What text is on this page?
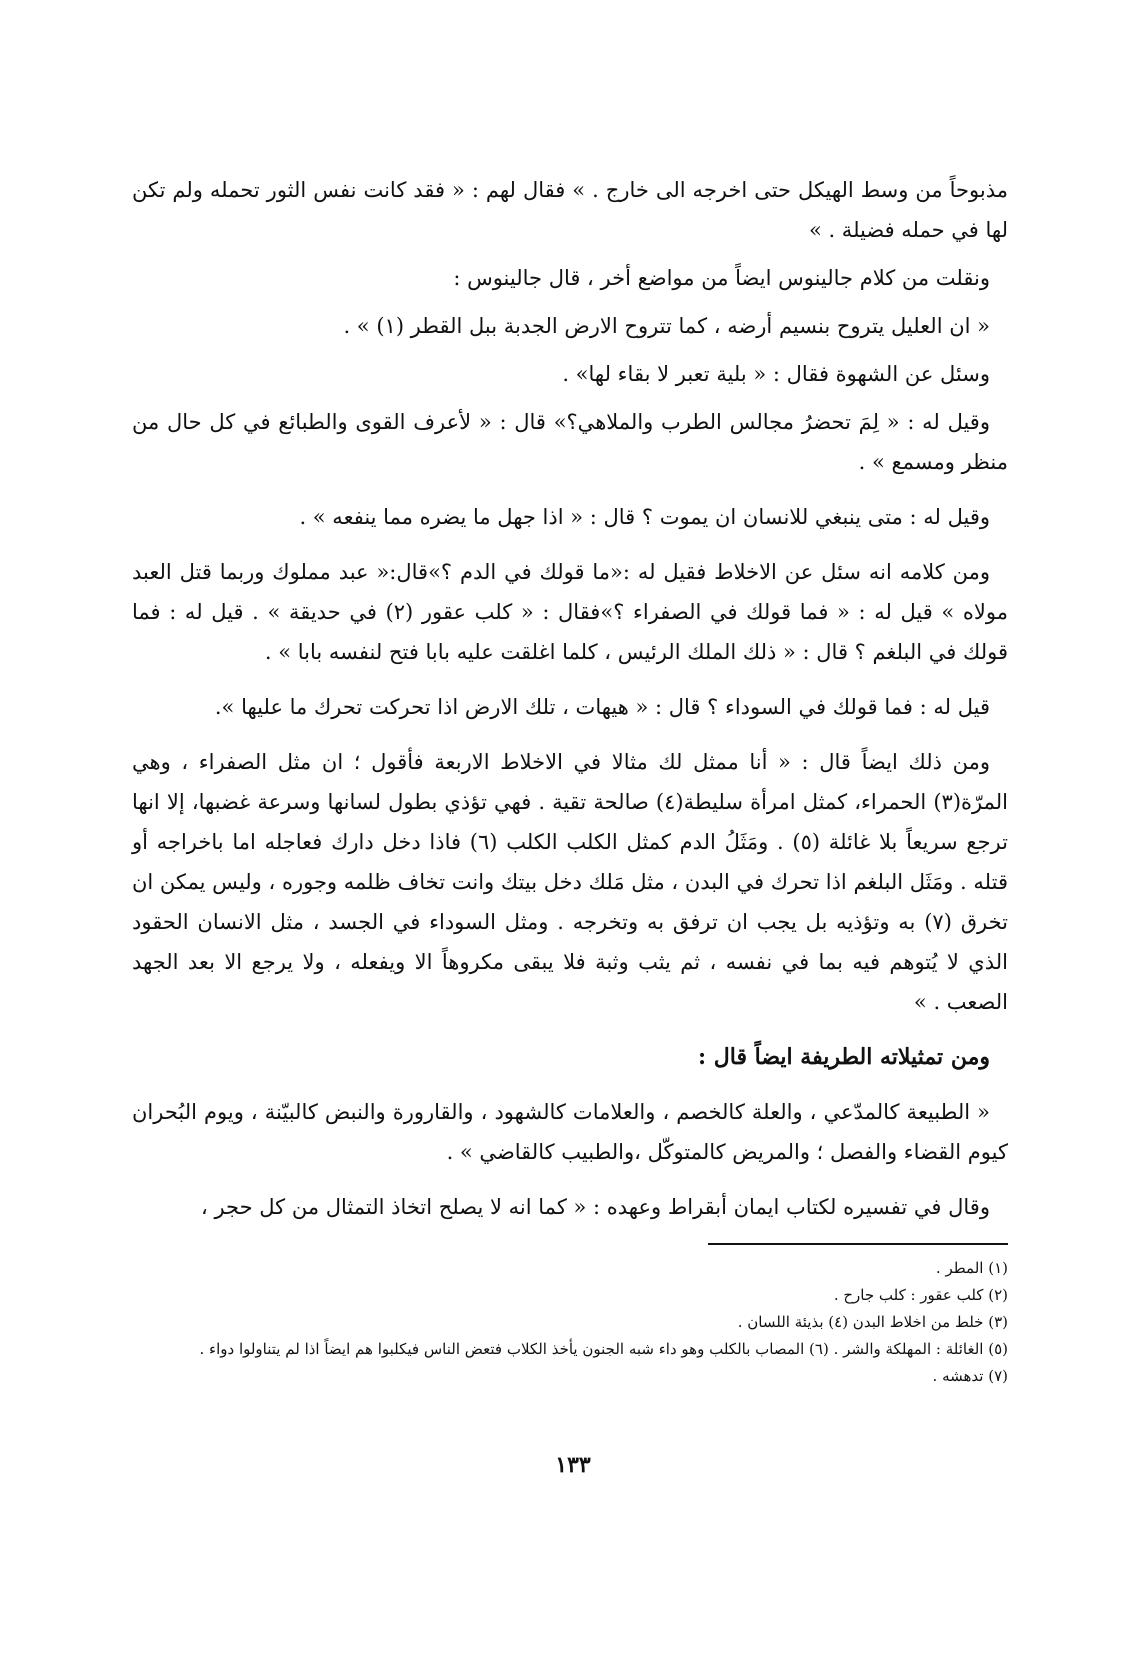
مذبوحاً من وسط الهيكل حتى اخرجه الى خارج . » فقال لهم : « فقد كانت نفس الثور تحمله ولم تكن لها في حمله فضيلة . »

ونقلت من كلام جالينوس ايضاً من مواضع أخر ، قال جالينوس :

« ان العليل يتروح بنسيم أرضه ، كما تتروح الارض الجدبة ببل القطر (١) » .

وسئل عن الشهوة فقال : « بلية تعبر لا بقاء لها» .

وقيل له : « لِمَ تحضرُ مجالس الطرب والملاهي؟» قال : « لأعرف القوى والطبائع في كل حال من منظر ومسمع » .

وقيل له : متى ينبغي للانسان ان يموت ؟ قال : « اذا جهل ما يضره مما ينفعه » .

ومن كلامه انه سئل عن الاخلاط فقيل له :«ما قولك في الدم ؟»قال:« عبد مملوك وربما قتل العبد مولاه » قيل له : « فما قولك في الصفراء ؟»فقال : « كلب عقور (٢) في حديقة » . قيل له : فما قولك في البلغم ؟ قال : « ذلك الملك الرئيس ، كلما اغلقت عليه بابا فتح لنفسه بابا » .

قيل له : فما قولك في السوداء ؟ قال : « هيهات ، تلك الارض اذا تحركت تحرك ما عليها ».

ومن ذلك ايضاً قال : « أنا ممثل لك مثالا في الاخلاط الاربعة فأقول ؛ ان مثل الصفراء ، وهي المرّة(٣) الحمراء، كمثل امرأة سليطة(٤) صالحة تقية . فهي تؤذي بطول لسانها وسرعة غضبها، إلا انها ترجع سريعاً بلا غائلة (٥) . ومَثَلُ الدم كمثل الكلب الكلب (٦) فاذا دخل دارك فعاجله اما باخراجه أو قتله . ومَثَل البلغم اذا تحرك في البدن ، مثل مَلك دخل بيتك وانت تخاف ظلمه وجوره ، وليس يمكن ان تخرق (٧) به وتؤذيه بل يجب ان ترفق به وتخرجه . ومثل السوداء في الجسد ، مثل الانسان الحقود الذي لا يُتوهم فيه بما في نفسه ، ثم يثب وثبة فلا يبقى مكروهاً الا ويفعله ، ولا يرجع الا بعد الجهد الصعب . »

ومن تمثيلاته الطريفة ايضاً قال :

« الطبيعة كالمدّعي ، والعلة كالخصم ، والعلامات كالشهود ، والقارورة والنبض كالبيّنة ، ويوم البُحران كيوم القضاء والفصل ؛ والمريض كالمتوكّل ،والطبيب كالقاضي » .

وقال في تفسيره لكتاب ايمان أبقراط وعهده : « كما انه لا يصلح اتخاذ التمثال من كل حجر ،

(١) المطر .

(٢) كلب عقور : كلب جارح .

(٣) خلط من اخلاط البدن (٤) بذيئة اللسان .

(٥) الغائلة : المهلكة والشر . (٦) المصاب بالكلب وهو داء شبه الجنون يأخذ الكلاب فتعض الناس فيكلبوا هم ايضاً اذا لم يتناولوا دواء .

(٧) تدهشه .

١٣٣
